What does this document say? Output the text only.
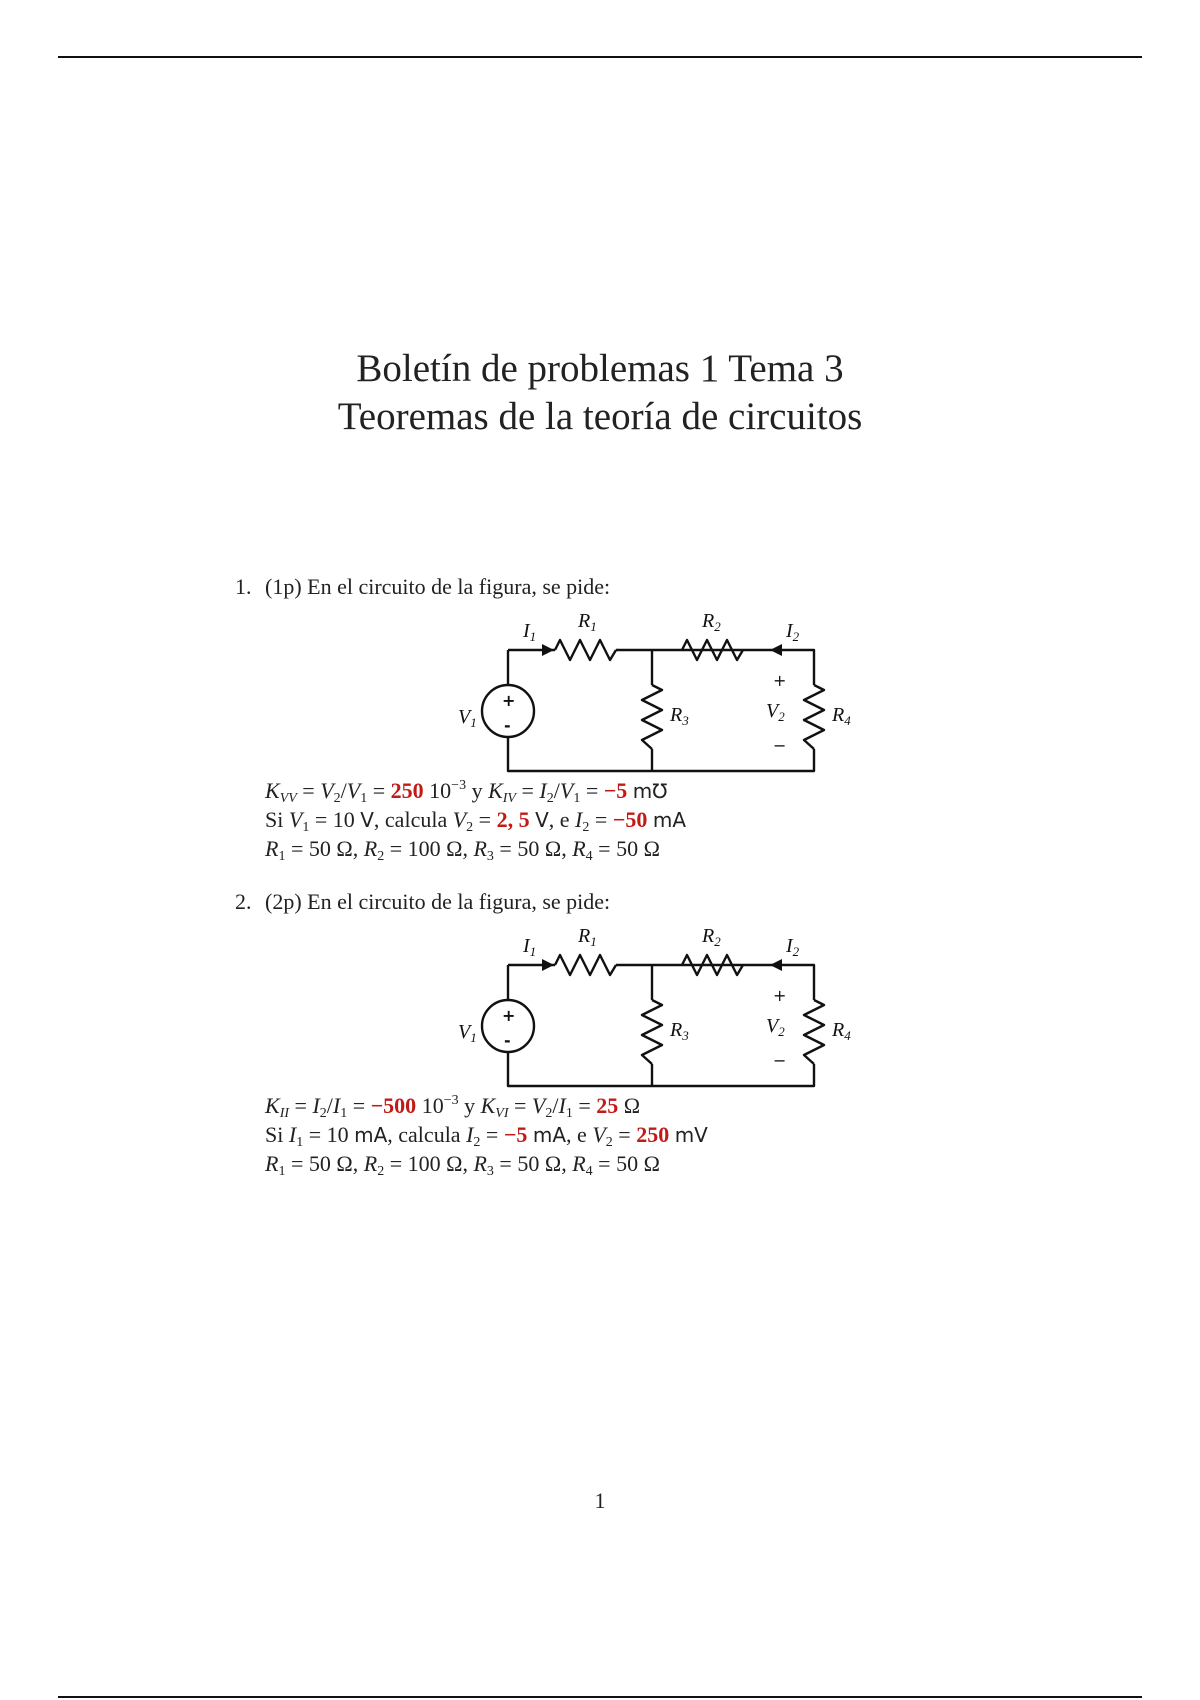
Boletín de problemas 1 Tema 3
Teoremas de la teoría de circuitos
1. (1p) En el circuito de la figura, se pide:
$I_1$
$R_1$	$R_2$	$I_2$
$R_3$	$R_4$
$V_1$
$V_2$
+
−
+
-
$K_{VV} = V_2/V_1 = 250$ $10^{-3}$ y $K_{IV} = I_2/V_1 = -5$ m℧
Si $V_1 = 10$ V, calcula $V_2 = 2$, 5 V, e $I_2 = -50$ mA
$R_1 = 50$ Ω, $R_2 = 100$ Ω, $R_3 = 50$ Ω, $R_4 = 50$ Ω
2. (2p) En el circuito de la figura, se pide:
$I_1$
$R_1$	$R_2$	$I_2$
$R_3$	$R_4$
$V_1$
$V_2$
+
−
+
-
$K_{II} = I_2/I_1 = -500$ $10^{-3}$ y $K_{VI} = V_2/I_1 = 25$ Ω
Si $I_1 = 10$ mA, calcula $I_2 = -5$ mA, e $V_2 = 250$ mV
$R_1 = 50$ Ω, $R_2 = 100$ Ω, $R_3 = 50$ Ω, $R_4 = 50$ Ω
1
